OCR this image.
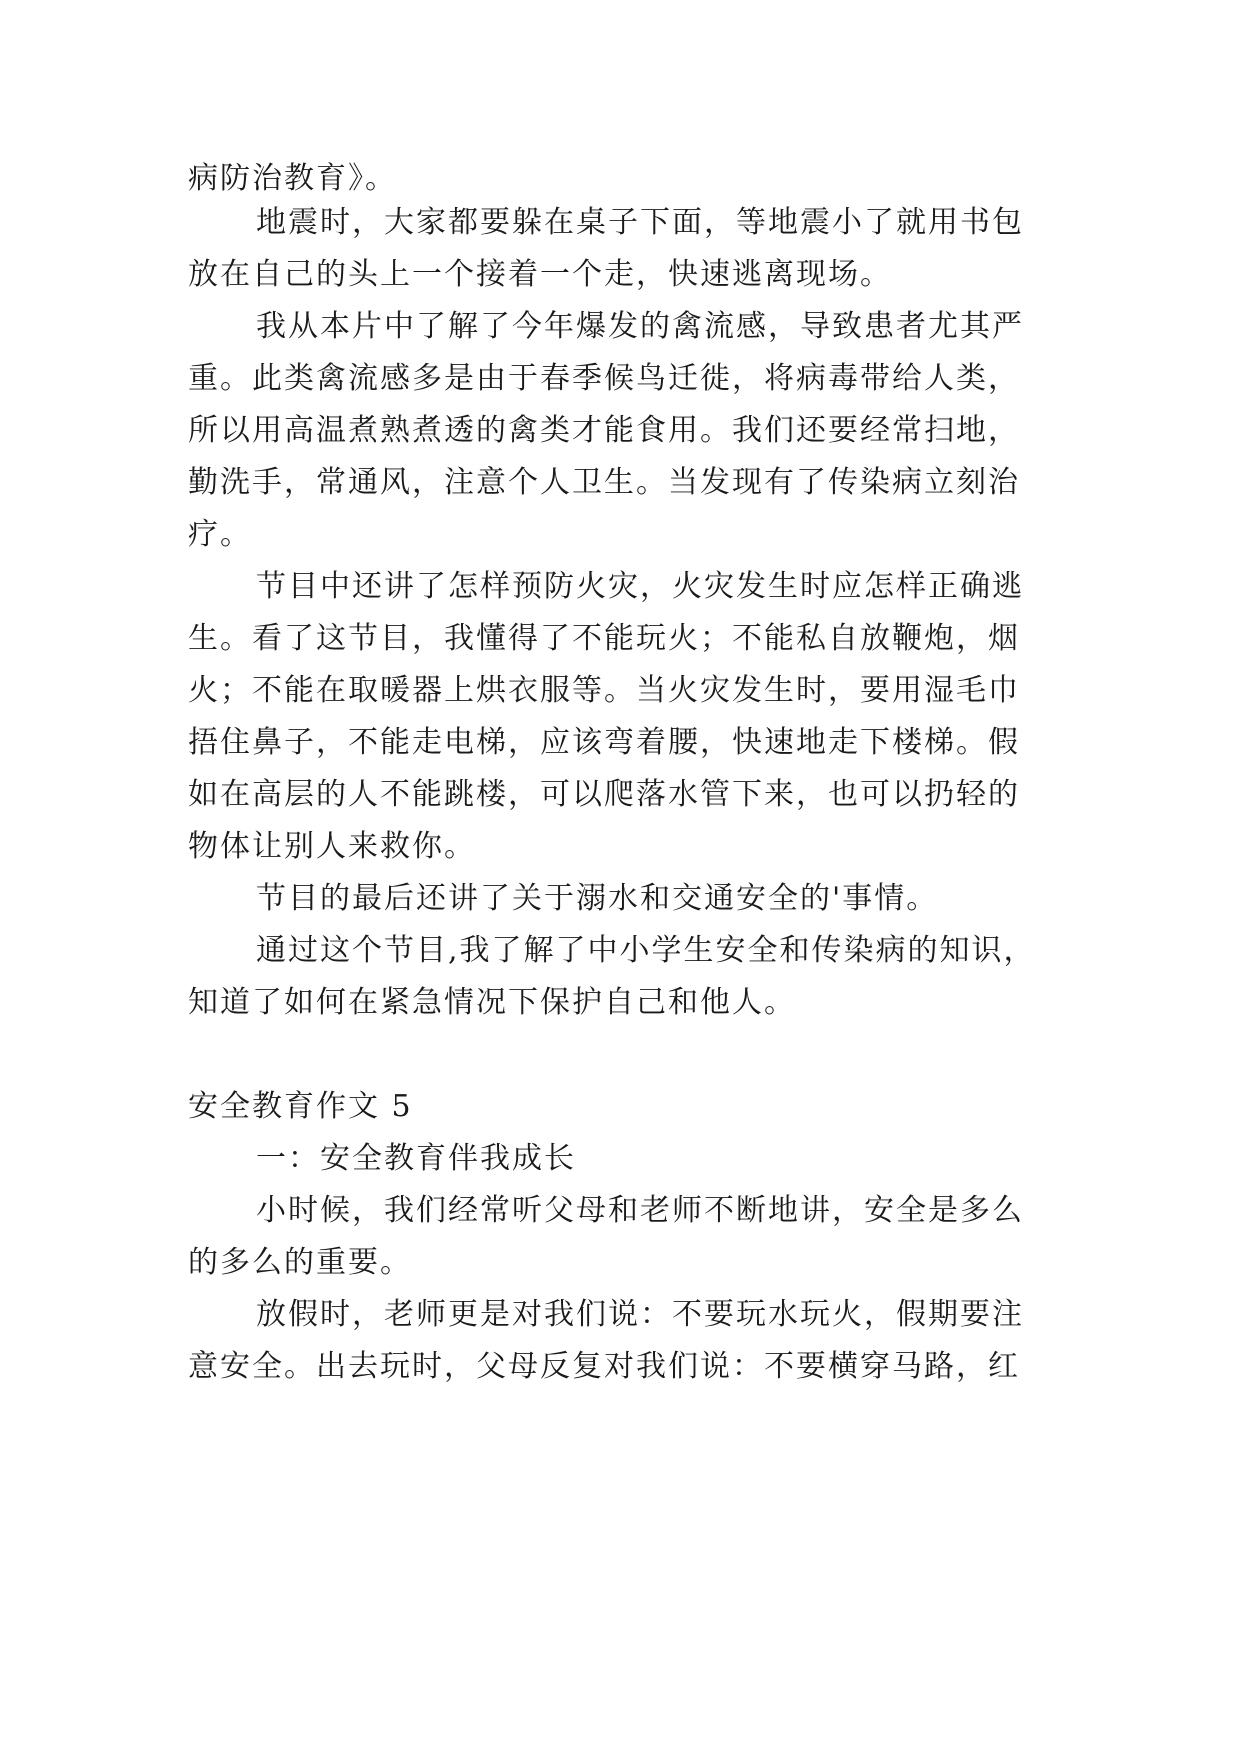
病防治教育》。
地震时，大家都要躲在桌子下面，等地震小了就用书包
放在自己的头上一个接着一个走，快速逃离现场。
我从本片中了解了今年爆发的禽流感，导致患者尤其严
重。此类禽流感多是由于春季候鸟迁徙，将病毒带给人类，
所以用高温煮熟煮透的禽类才能食用。我们还要经常扫地，
勤洗手，常通风，注意个人卫生。当发现有了传染病立刻治
疗。
节目中还讲了怎样预防火灾，火灾发生时应怎样正确逃
生。看了这节目，我懂得了不能玩火；不能私自放鞭炮，烟
火；不能在取暖器上烘衣服等。当火灾发生时，要用湿毛巾
捂住鼻子，不能走电梯，应该弯着腰，快速地走下楼梯。假
如在高层的人不能跳楼，可以爬落水管下来，也可以扔轻的
物体让别人来救你。
节目的最后还讲了关于溺水和交通安全的'事情。
通过这个节目,我了解了中小学生安全和传染病的知识，
知道了如何在紧急情况下保护自己和他人。
安全教育作文 5
一：安全教育伴我成长
小时候，我们经常听父母和老师不断地讲，安全是多么
的多么的重要。
放假时，老师更是对我们说：不要玩水玩火，假期要注
意安全。出去玩时，父母反复对我们说：不要横穿马路，红
